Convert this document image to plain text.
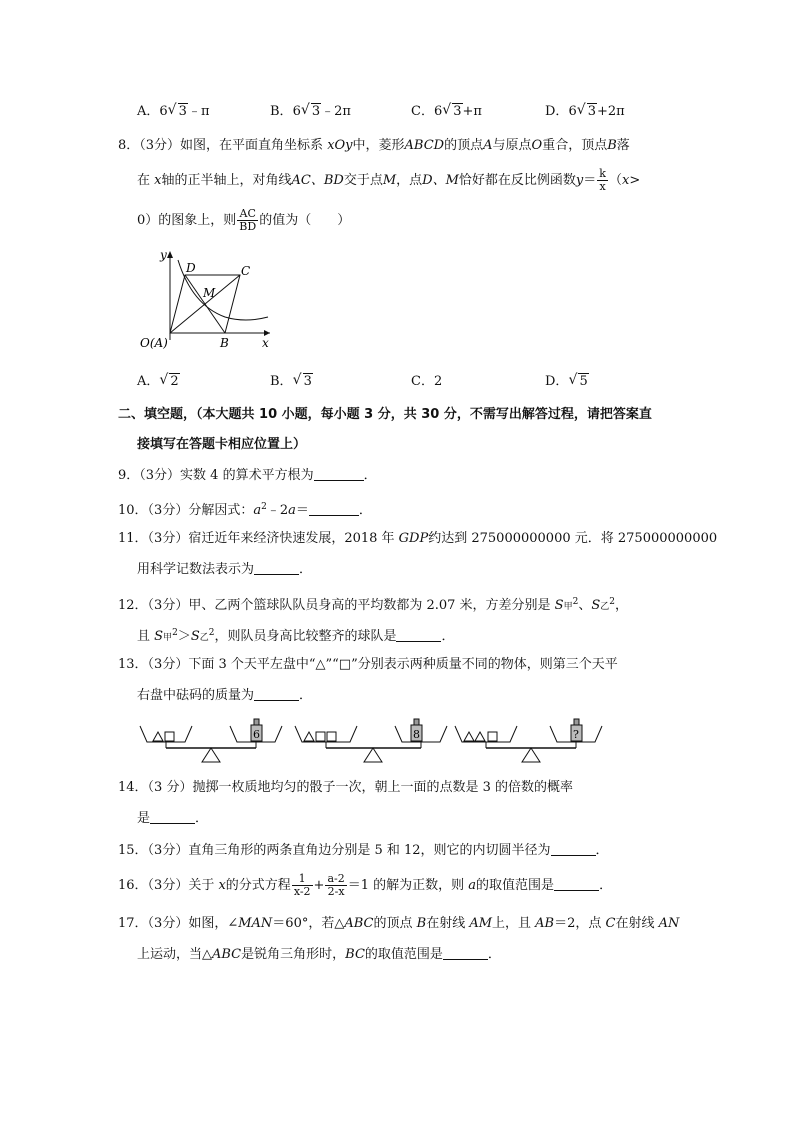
A．6 √ 3﹣π	B．6 √ 3﹣2π	C．6 √ 3+π	D．6 √ 3+2π
8．（3分）如图，在平面直角坐标系 xOy中，菱形ABCD的顶点A与原点O重合，顶点B落
在 x轴的正半轴上，对角线AC、BD交于点M，点D、M恰好都在反比例函数$y= \frac{k}{x} (x>$
0）的图象上，则 $\frac{AC}{BD}$ 的值为（　　）
y
x
D	C
M
O(A)	B
A． √ 2	B． √ 3	C．2	D． √ 5
二、填空题，（本大题共 10 小题，每小题 3 分，共 30 分，不需写出解答过程，请把答案直
接填写在答题卡相应位置上）
9．（3分）实数 4 的算术平方根为	．
10．（3分）分解因式：$a^2﹣2a=$	．
11．（3分）宿迁近年来经济快速发展，2018 年 GDP约达到 275000000000 元．将 275000000000
用科学记数法表示为	．
12．（3分）甲、乙两个篮球队队员身高的平均数都为 2.07 米，方差分别是 S甲$^2$、S乙$^2$，
且 S甲$^2$＞S乙$^2$，则队员身高比较整齐的球队是	．
13．（3分）下面 3 个天平左盘中“△”“□”分别表示两种质量不同的物体，则第三个天平
右盘中砝码的质量为	．
6	8	?
14．（3 分）抛掷一枚质地均匀的骰子一次，朝上一面的点数是 3 的倍数的概率
是	．
15．（3分）直角三角形的两条直角边分别是 5 和 12，则它的内切圆半径为	．
16．（3分）关于 x的分式方程 $\frac{1}{x-2} + \frac{a-2}{2-x} =1$ 的解为正数，则 a的取值范围是	．
17．（3分）如图，∠MAN＝60°，若△ABC的顶点 B在射线 AM上，且 AB＝2，点 C在射线 AN
上运动，当△ABC是锐角三角形时，BC的取值范围是	．
